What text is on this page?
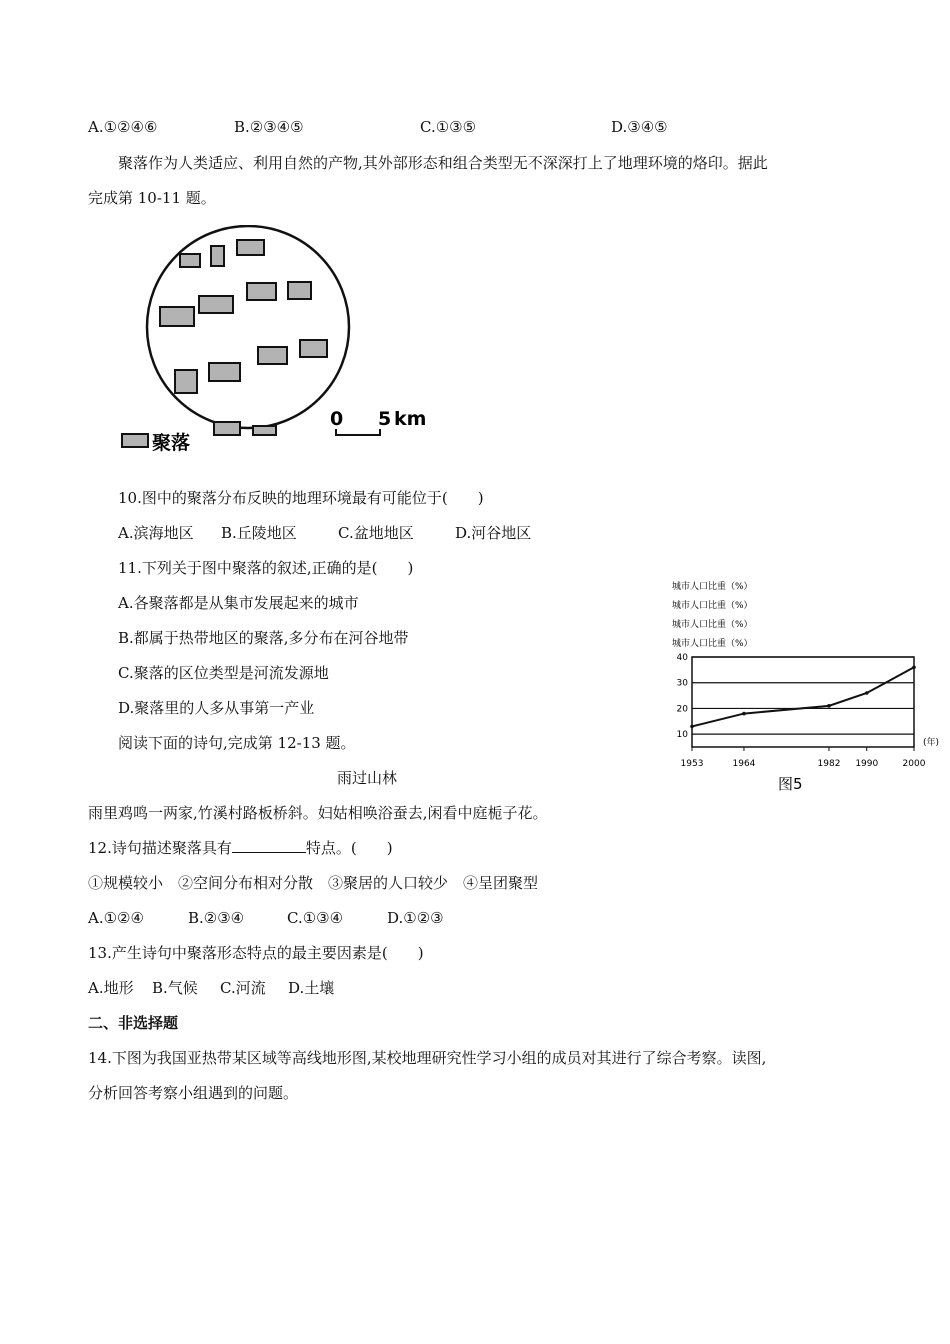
A.①②④⑥	B.②③④⑤	C.①③⑤	D.③④⑤
聚落作为人类适应、利用自然的产物,其外部形态和组合类型无不深深打上了地理环境的烙印。据此
完成第 10-11 题。
0 5 km
聚落
10.图中的聚落分布反映的地理环境最有可能位于(　　)
A.滨海地区 B.丘陵地区	C.盆地地区	D.河谷地区
11.下列关于图中聚落的叙述,正确的是(　　)
A.各聚落都是从集市发展起来的城市
B.都属于热带地区的聚落,多分布在河谷地带
C.聚落的区位类型是河流发源地
D.聚落里的人多从事第一产业
阅读下面的诗句,完成第 12-13 题。
雨过山林
雨里鸡鸣一两家,竹溪村路板桥斜。妇姑相唤浴蚕去,闲看中庭栀子花。
12.诗句描述聚落具有	特点。(　　)
①规模较小　②空间分布相对分散　③聚居的人口较少　④呈团聚型
A.①②④	B.②③④	C.①③④	D.①②③
13.产生诗句中聚落形态特点的最主要因素是(　　)
A.地形 B.气候 C.河流 D.土壤
二、非选择题
14.下图为我国亚热带某区域等高线地形图,某校地理研究性学习小组的成员对其进行了综合考察。读图,
分析回答考察小组遇到的问题。
城市人口比重（%）
城市人口比重（%）
城市人口比重（%）
城市人口比重（%）
10
20
30
40
1953	1964	1982 1990	2000
(年)
图5
